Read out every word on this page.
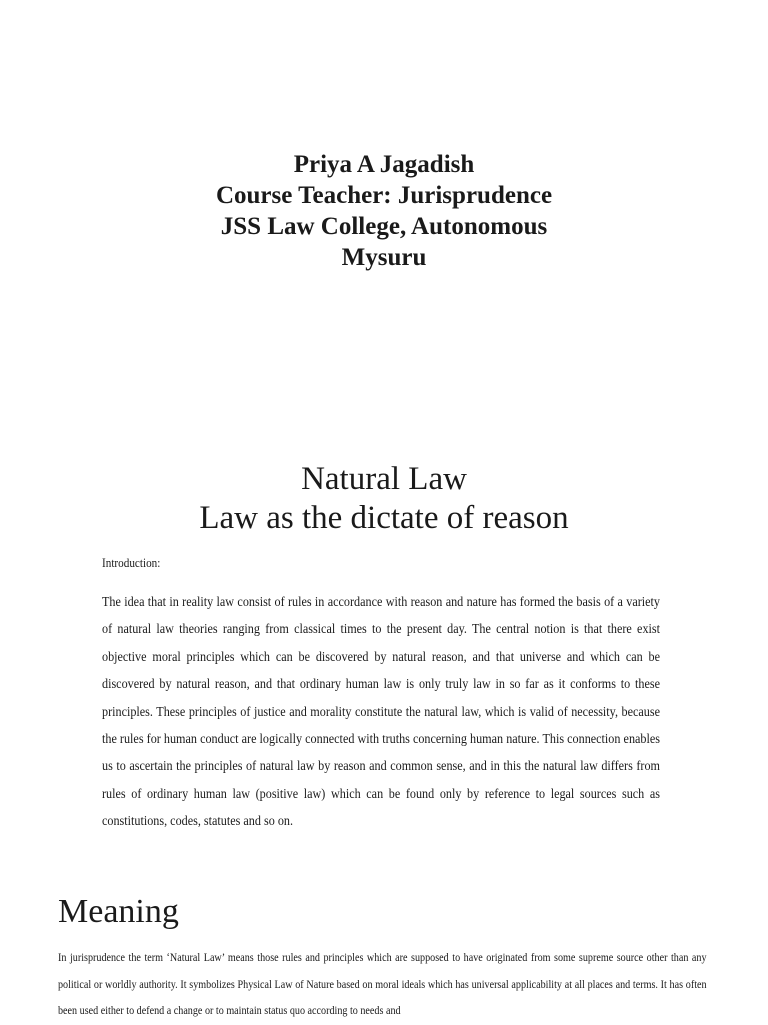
Priya A Jagadish
Course Teacher: Jurisprudence
JSS Law College, Autonomous
Mysuru
Natural Law
Law as the dictate of reason
Introduction:

The idea that in reality law consist of rules in accordance with reason and nature has formed the basis of a variety of natural law theories ranging from classical times to the present day. The central notion is that there exist objective moral principles which can be discovered by natural reason, and that universe and which can be discovered by natural reason, and that ordinary human law is only truly law in so far as it conforms to these principles. These principles of justice and morality constitute the natural law, which is valid of necessity, because the rules for human conduct are logically connected with truths concerning human nature. This connection enables us to ascertain the principles of natural law by reason and common sense, and in this the natural law differs from rules of ordinary human law (positive law) which can be found only by reference to legal sources such as constitutions, codes, statutes and so on.

Meaning

In jurisprudence the term ‘Natural Law’ means those rules and principles which are supposed to have originated from some supreme source other than any political or worldly authority. It symbolizes Physical Law of Nature based on moral ideals which has universal applicability at all places and terms. It has often been used either to defend a change or to maintain status quo according to needs and
